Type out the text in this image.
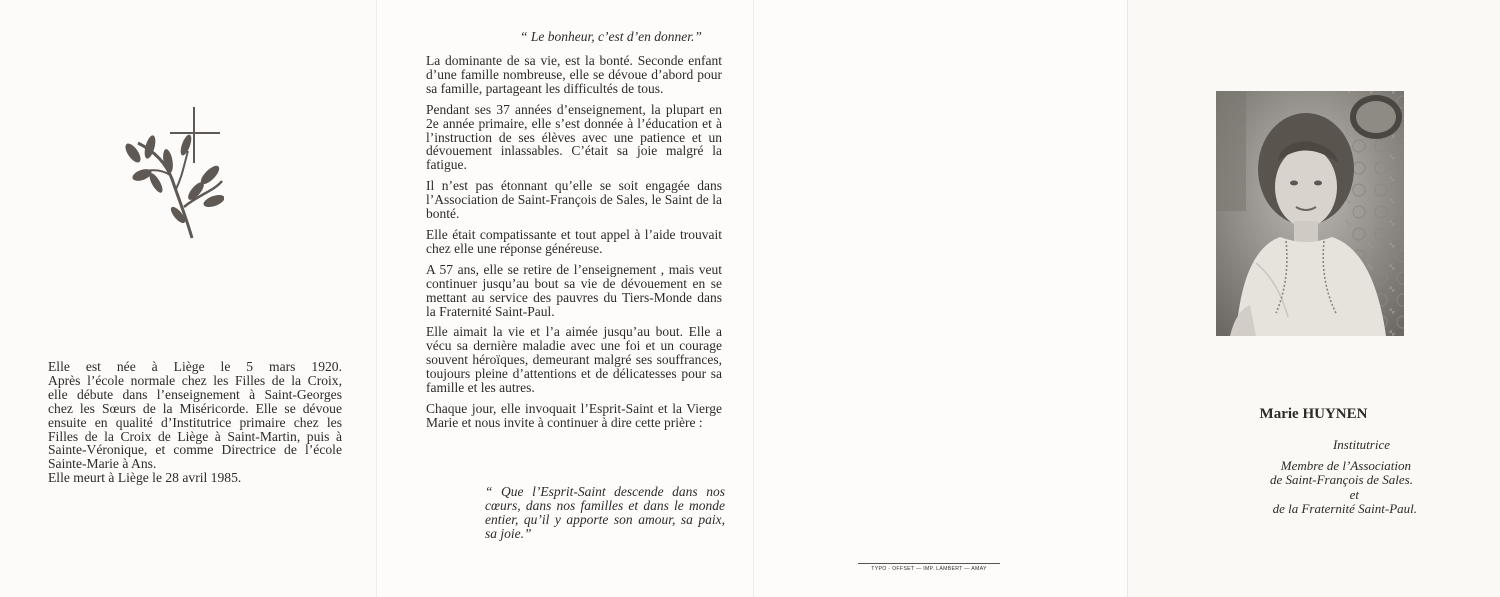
Elle est née à Liège le 5 mars 1920.
Après l’école normale chez les Filles de la Croix,
elle débute dans l’enseignement à Saint-Georges
chez les Sœurs de la Miséricorde. Elle se dévoue
ensuite en qualité d’Institutrice primaire chez les
Filles de la Croix de Liège à Saint-Martin, puis à
Sainte-Véronique, et comme Directrice de l’école
Sainte-Marie à Ans.
Elle meurt à Liège le 28 avril 1985.

“ Le bonheur, c’est d’en donner.”

La dominante de sa vie, est la bonté. Seconde enfant d’une famille nombreuse, elle se dévoue d’abord pour sa famille, partageant les difficultés de tous.

Pendant ses 37 années d’enseignement, la plupart en 2e année primaire, elle s’est donnée à l’éducation et à l’instruction de ses élèves avec une patience et un dévouement inlassables. C’était sa joie malgré la fatigue.

Il n’est pas étonnant qu’elle se soit engagée dans l’Association de Saint-François de Sales, le Saint de la bonté.

Elle était compatissante et tout appel à l’aide trouvait chez elle une réponse généreuse.

A 57 ans, elle se retire de l’enseignement , mais veut continuer jusqu’au bout sa vie de dévouement en se mettant au service des pauvres du Tiers-Monde dans la Fraternité Saint-Paul.

Elle aimait la vie et l’a aimée jusqu’au bout. Elle a vécu sa dernière maladie avec une foi et un courage souvent héroïques, demeurant malgré ses souffrances, toujours pleine d’attentions et de délicatesses pour sa famille et les autres.

Chaque jour, elle invoquait l’Esprit-Saint et la Vierge Marie et nous invite à continuer à dire cette prière :

“ Que l’Esprit-Saint descende dans nos cœurs, dans nos familles et dans le monde entier, qu’il y apporte son amour, sa paix, sa joie.”

TYPO - OFFSET — IMP. LAMBERT — AMAY
Marie HUYNEN
Institutrice
Membre de l’Association
de Saint-François de Sales.
et
de la Fraternité Saint-Paul.
